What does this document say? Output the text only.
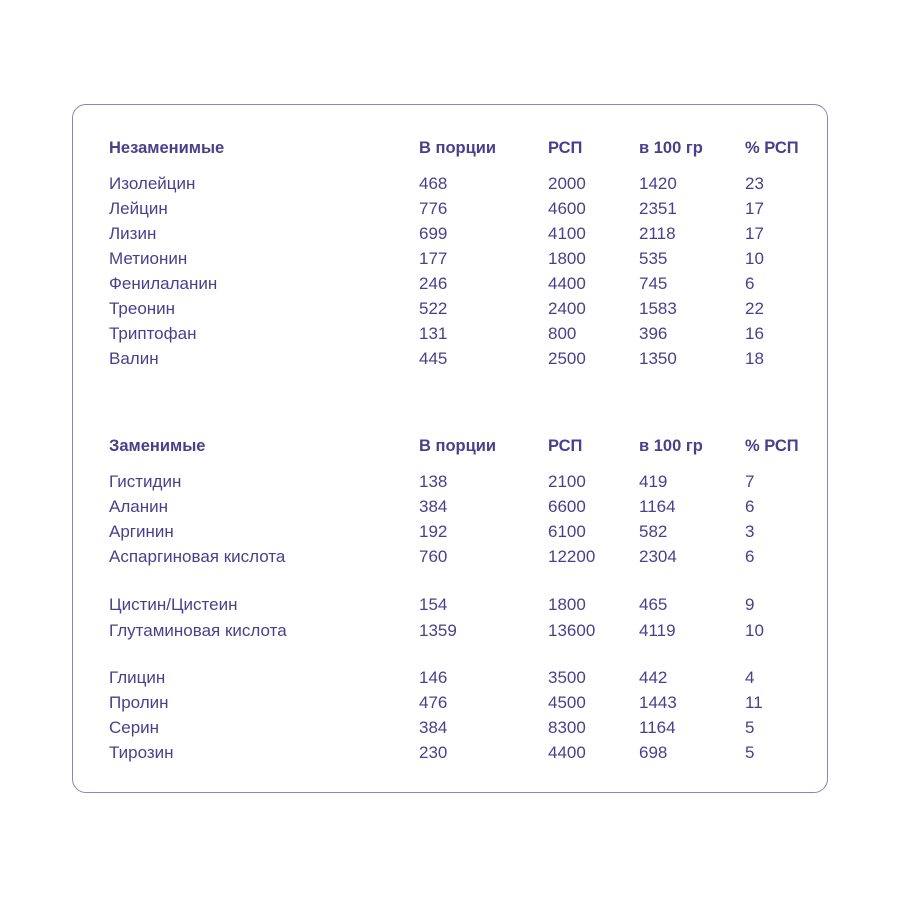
Незаменимые	В порции	РСП	в 100 гр	% РСП
Изолейцин	468	2000	1420	23
Лейцин	776	4600	2351	17
Лизин	699	4100	2118	17
Метионин	177	1800	535	10
Фенилаланин	246	4400	745	6
Треонин	522	2400	1583	22
Триптофан	131	800	396	16
Валин	445	2500	1350	18
Заменимые	В порции	РСП	в 100 гр	% РСП
Гистидин	138	2100	419	7
Аланин	384	6600	1164	6
Аргинин	192	6100	582	3
Аспаргиновая кислота	760	12200	2304	6
Цистин/Цистеин	154	1800	465	9
Глутаминовая кислота	1359	13600	4119	10
Глицин	146	3500	442	4
Пролин	476	4500	1443	11
Серин	384	8300	1164	5
Тирозин	230	4400	698	5
